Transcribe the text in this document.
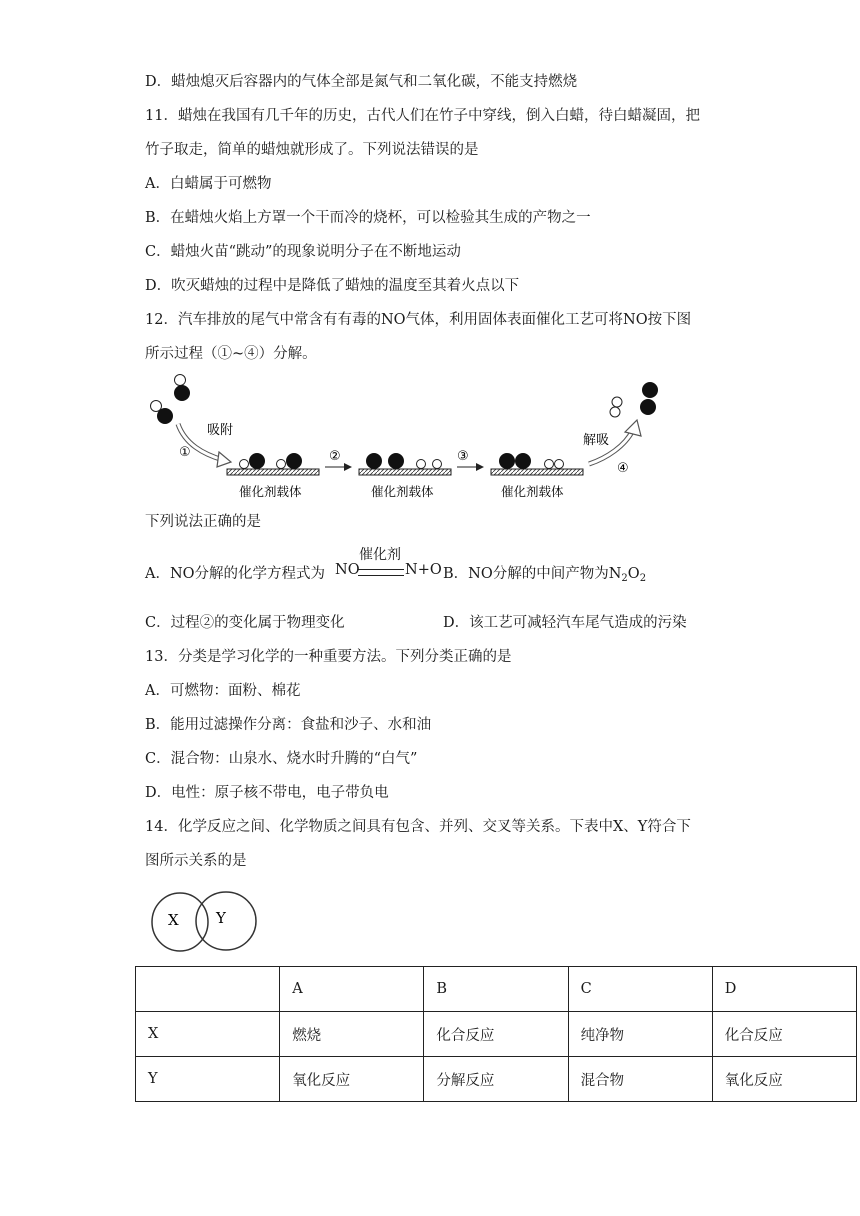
D．蜡烛熄灭后容器内的气体全部是氮气和二氧化碳，不能支持燃烧
11．蜡烛在我国有几千年的历史，古代人们在竹子中穿线，倒入白蜡，待白蜡凝固，把
竹子取走，简单的蜡烛就形成了。下列说法错误的是
A．白蜡属于可燃物
B．在蜡烛火焰上方罩一个干而冷的烧杯，可以检验其生成的产物之一
C．蜡烛火苗“跳动”的现象说明分子在不断地运动
D．吹灭蜡烛的过程中是降低了蜡烛的温度至其着火点以下
12．汽车排放的尾气中常含有有毒的NO气体，利用固体表面催化工艺可将NO按下图
所示过程（①~④）分解。
吸附
①
催化剂载体
②
催化剂载体
③
催化剂载体
解吸
④
下列说法正确的是
A．NO分解的化学方程式为 NO
催化剂
N+O B．NO分解的中间产物为$N_2O_2$
C．过程②的变化属于物理变化	D．该工艺可减轻汽车尾气造成的污染
13．分类是学习化学的一种重要方法。下列分类正确的是
A．可燃物：面粉、棉花
B．能用过滤操作分离：食盐和沙子、水和油
C．混合物：山泉水、烧水时升腾的“白气”
D．电性：原子核不带电，电子带负电
14．化学反应之间、化学物质之间具有包含、并列、交叉等关系。下表中X、Y符合下
图所示关系的是
X Y
	A	B	C	D
X	燃烧	化合反应	纯净物	化合反应
Y	氧化反应	分解反应	混合物	氧化反应
